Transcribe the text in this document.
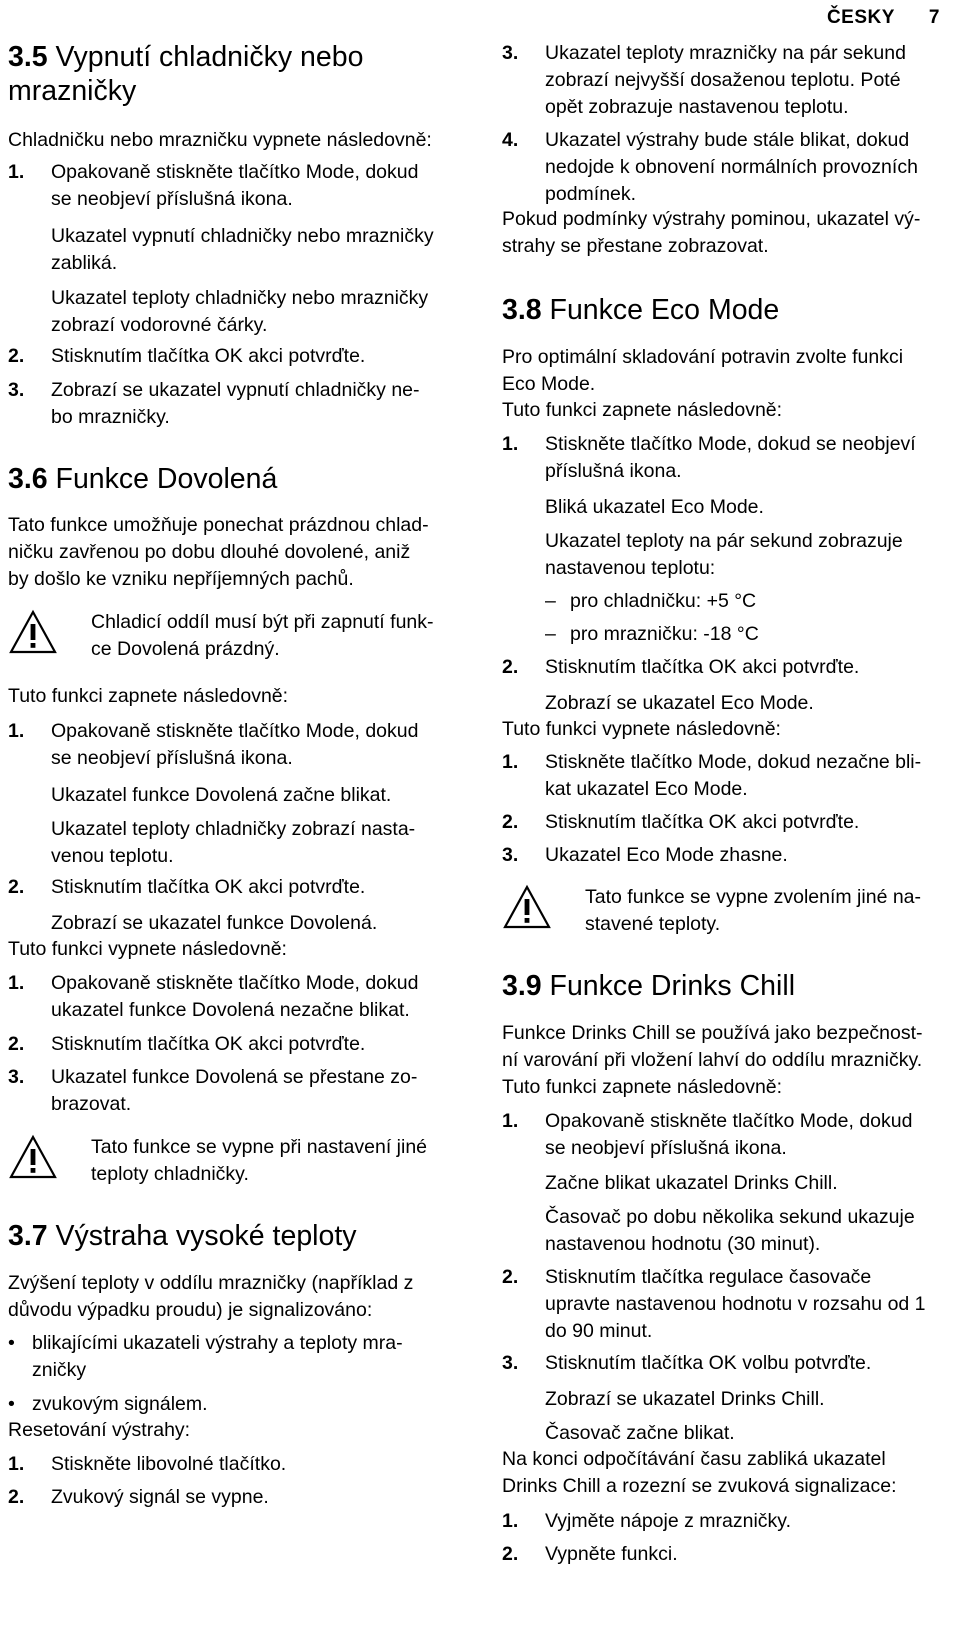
ČESKY 7
3.5 Vypnutí chladničky nebo
mrazničky

Chladničku nebo mrazničku vypnete následovně:

1. Opakovaně stiskněte tlačítko Mode, dokud
se neobjeví příslušná ikona.
Ukazatel vypnutí chladničky nebo mrazničky
zabliká.
Ukazatel teploty chladničky nebo mrazničky
zobrazí vodorovné čárky.
2. Stisknutím tlačítka OK akci potvrďte.
3. Zobrazí se ukazatel vypnutí chladničky ne-
bo mrazničky.
3.6 Funkce Dovolená

Tato funkce umožňuje ponechat prázdnou chlad-
ničku zavřenou po dobu dlouhé dovolené, aniž
by došlo ke vzniku nepříjemných pachů.

Chladicí oddíl musí být při zapnutí funk-
ce Dovolená prázdný.

Tuto funkci zapnete následovně:

1. Opakovaně stiskněte tlačítko Mode, dokud
se neobjeví příslušná ikona.
Ukazatel funkce Dovolená začne blikat.
Ukazatel teploty chladničky zobrazí nasta-
venou teplotu.
2. Stisknutím tlačítka OK akci potvrďte.
Zobrazí se ukazatel funkce Dovolená.

Tuto funkci vypnete následovně:

1. Opakovaně stiskněte tlačítko Mode, dokud
ukazatel funkce Dovolená nezačne blikat.
2. Stisknutím tlačítka OK akci potvrďte.
3. Ukazatel funkce Dovolená se přestane zo-
brazovat.
Tato funkce se vypne při nastavení jiné
teploty chladničky.
3.7 Výstraha vysoké teploty

Zvýšení teploty v oddílu mrazničky (například z
důvodu výpadku proudu) je signalizováno:

• blikajícími ukazateli výstrahy a teploty mra-
zničky
• zvukovým signálem.

Resetování výstrahy:

1. Stiskněte libovolné tlačítko.
2. Zvukový signál se vypne.
3. Ukazatel teploty mrazničky na pár sekund
zobrazí nejvyšší dosaženou teplotu. Poté
opět zobrazuje nastavenou teplotu.
4. Ukazatel výstrahy bude stále blikat, dokud
nedojde k obnovení normálních provozních
podmínek.

Pokud podmínky výstrahy pominou, ukazatel vý-
strahy se přestane zobrazovat.

3.8 Funkce Eco Mode

Pro optimální skladování potravin zvolte funkci
Eco Mode.

Tuto funkci zapnete následovně:

1. Stiskněte tlačítko Mode, dokud se neobjeví
příslušná ikona.
Bliká ukazatel Eco Mode.
Ukazatel teploty na pár sekund zobrazuje
nastavenou teplotu:
– pro chladničku: +5 °C
– pro mrazničku: -18 °C
2. Stisknutím tlačítka OK akci potvrďte.
Zobrazí se ukazatel Eco Mode.

Tuto funkci vypnete následovně:

1. Stiskněte tlačítko Mode, dokud nezačne bli-
kat ukazatel Eco Mode.
2. Stisknutím tlačítka OK akci potvrďte.
3. Ukazatel Eco Mode zhasne.
Tato funkce se vypne zvolením jiné na-
stavené teploty.
3.9 Funkce Drinks Chill

Funkce Drinks Chill se používá jako bezpečnost-
ní varování při vložení lahví do oddílu mrazničky.

Tuto funkci zapnete následovně:

1. Opakovaně stiskněte tlačítko Mode, dokud
se neobjeví příslušná ikona.
Začne blikat ukazatel Drinks Chill.
Časovač po dobu několika sekund ukazuje
nastavenou hodnotu (30 minut).
2. Stisknutím tlačítka regulace časovače
upravte nastavenou hodnotu v rozsahu od 1
do 90 minut.
3. Stisknutím tlačítka OK volbu potvrďte.
Zobrazí se ukazatel Drinks Chill.
Časovač začne blikat.

Na konci odpočítávání času zabliká ukazatel
Drinks Chill a rozezní se zvuková signalizace:

1. Vyjměte nápoje z mrazničky.
2. Vypněte funkci.
